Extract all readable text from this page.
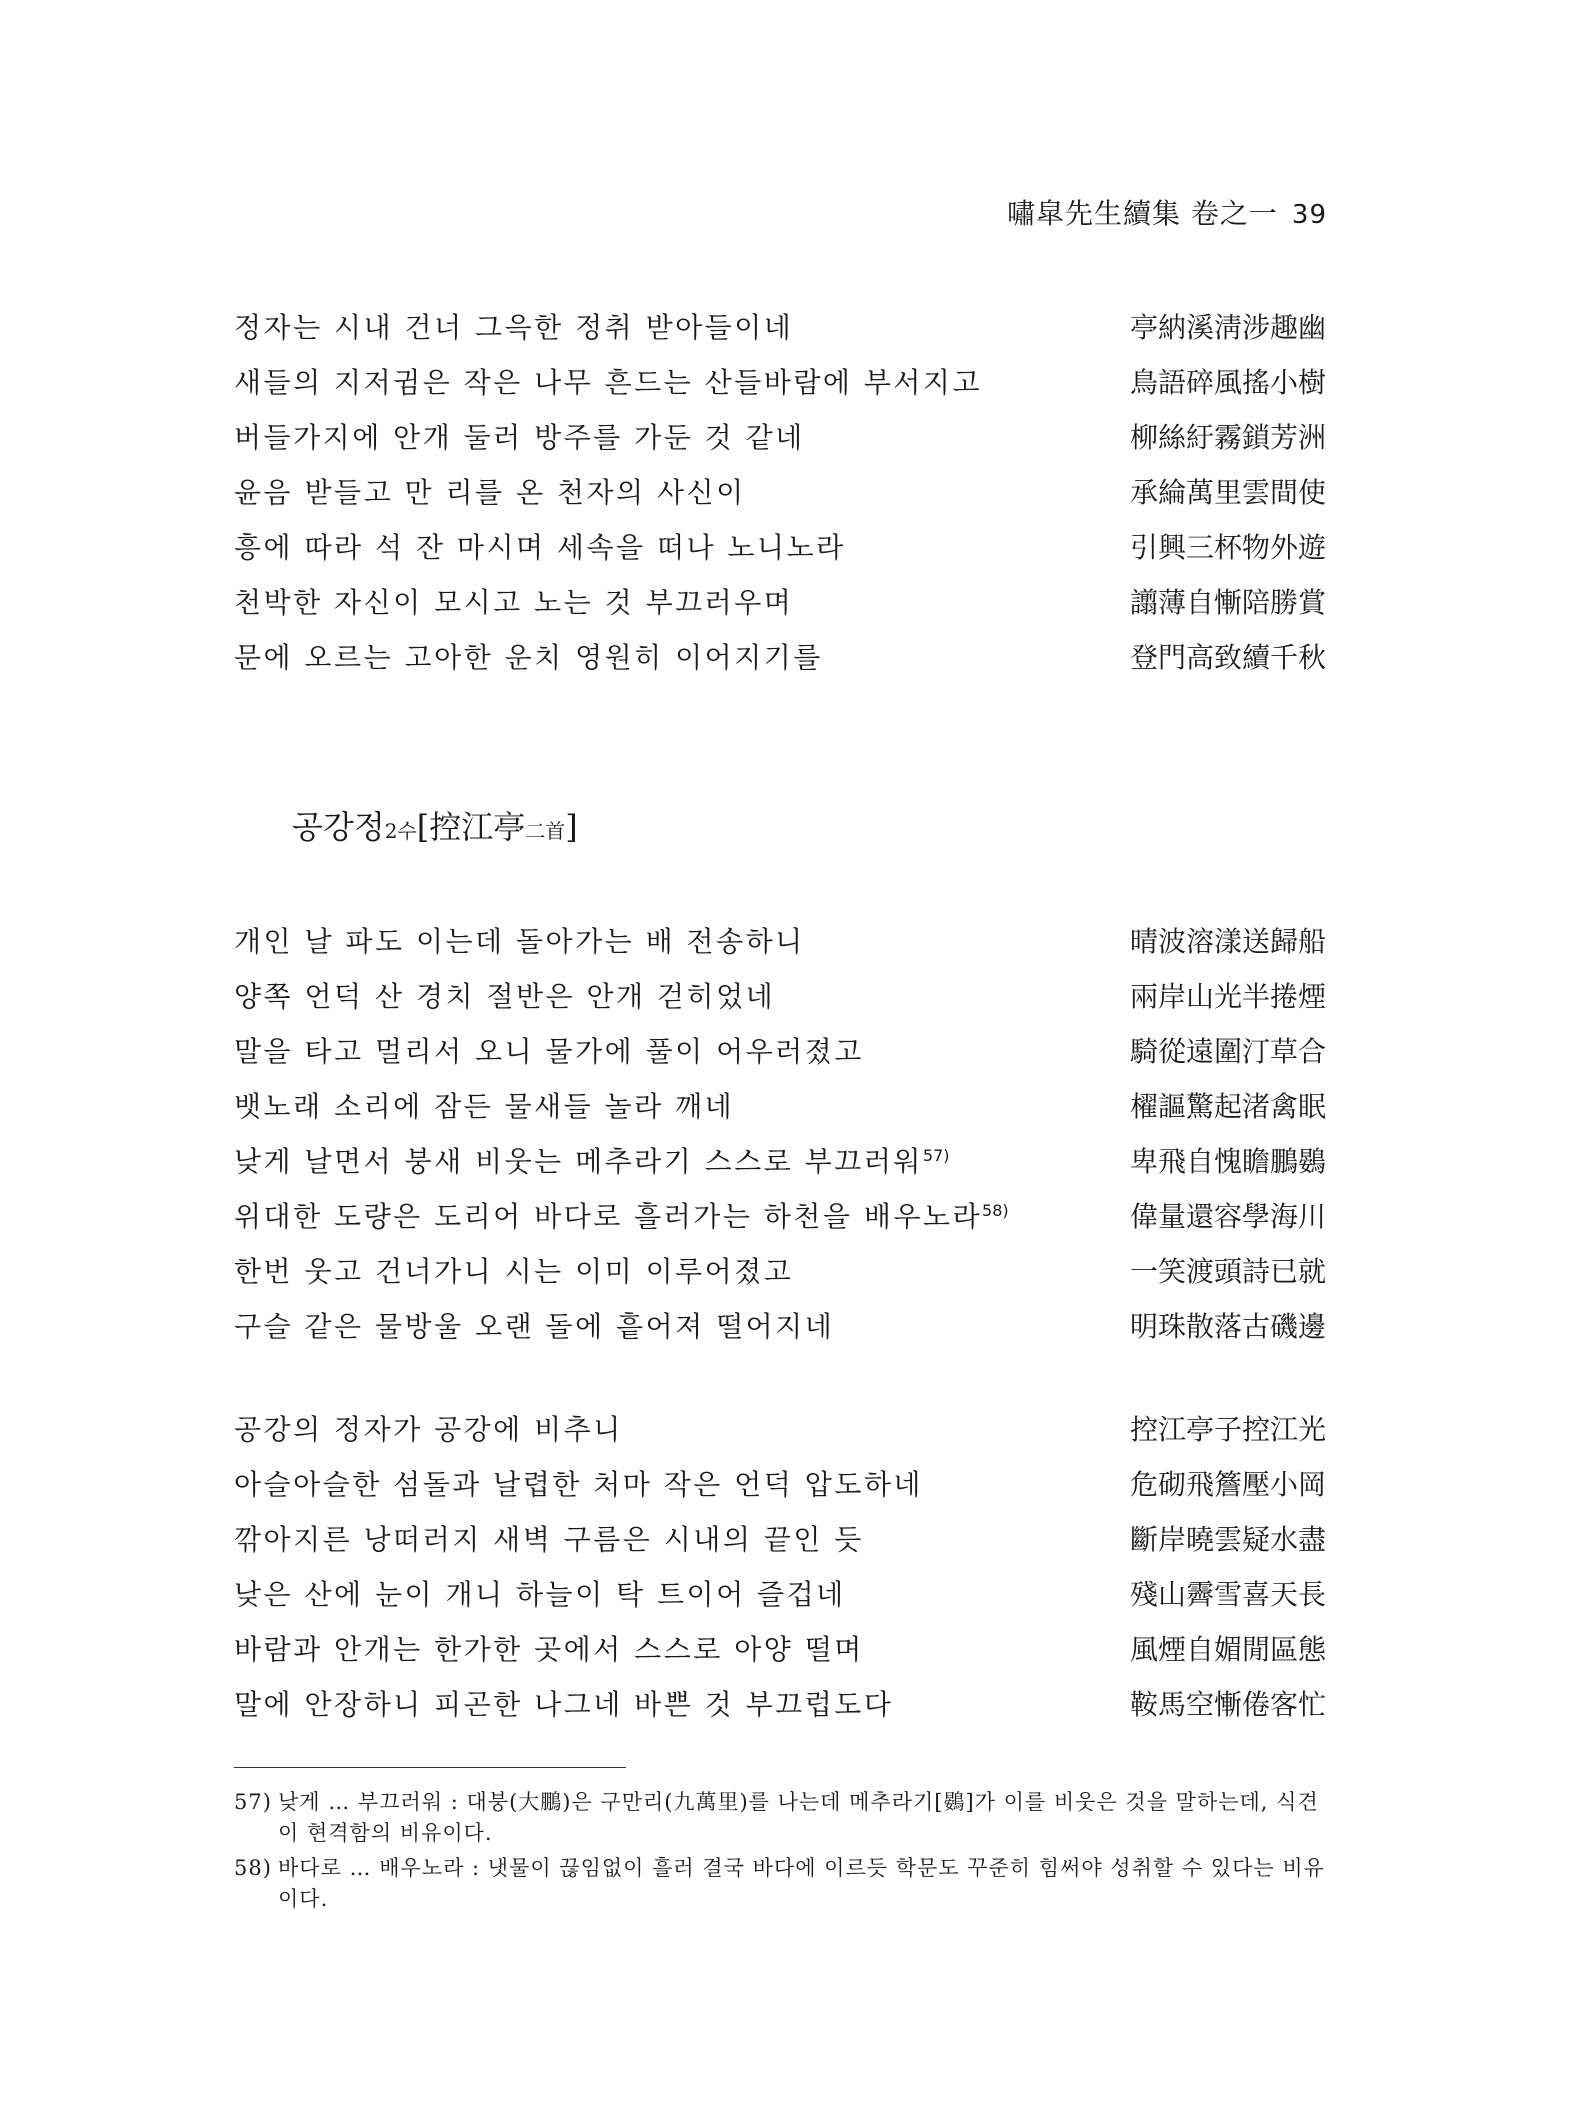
嘯皐先生續集 卷之一 39
정자는 시내 건너 그윽한 정취 받아들이네	亭納溪淸涉趣幽
새들의 지저귐은 작은 나무 흔드는 산들바람에 부서지고	鳥語碎風搖小樹
버들가지에 안개 둘러 방주를 가둔 것 같네	柳絲紆霧鎖芳洲
윤음 받들고 만 리를 온 천자의 사신이	承綸萬里雲間使
흥에 따라 석 잔 마시며 세속을 떠나 노니노라	引興三杯物外遊
천박한 자신이 모시고 노는 것 부끄러우며	譾薄自慚陪勝賞
문에 오르는 고아한 운치 영원히 이어지기를	登門高致續千秋
공강정2수[控江亭二首]
개인 날 파도 이는데 돌아가는 배 전송하니	晴波溶漾送歸船
양쪽 언덕 산 경치 절반은 안개 걷히었네	兩岸山光半捲煙
말을 타고 멀리서 오니 물가에 풀이 어우러졌고	騎從遠圍汀草合
뱃노래 소리에 잠든 물새들 놀라 깨네	櫂謳驚起渚禽眠
낮게 날면서 붕새 비웃는 메추라기 스스로 부끄러워$^{57)}$	卑飛自愧瞻鵬鷃
위대한 도량은 도리어 바다로 흘러가는 하천을 배우노라$^{58)}$	偉量還容學海川
한번 웃고 건너가니 시는 이미 이루어졌고	一笑渡頭詩已就
구슬 같은 물방울 오랜 돌에 흩어져 떨어지네	明珠散落古磯邊
공강의 정자가 공강에 비추니	控江亭子控江光
아슬아슬한 섬돌과 날렵한 처마 작은 언덕 압도하네	危砌飛簷壓小岡
깎아지른 낭떠러지 새벽 구름은 시내의 끝인 듯	斷岸曉雲疑水盡
낮은 산에 눈이 개니 하늘이 탁 트이어 즐겁네	殘山霽雪喜天長
바람과 안개는 한가한 곳에서 스스로 아양 떨며	風煙自媚閒區態
말에 안장하니 피곤한 나그네 바쁜 것 부끄럽도다	鞍馬空慚倦客忙
57) 낮게 … 부끄러워 : 대붕(大鵬)은 구만리(九萬里)를 나는데 메추라기[鷃]가 이를 비웃은 것을 말하는데, 식견이 현격함의 비유이다.
58) 바다로 … 배우노라 : 냇물이 끊임없이 흘러 결국 바다에 이르듯 학문도 꾸준히 힘써야 성취할 수 있다는 비유이다.
